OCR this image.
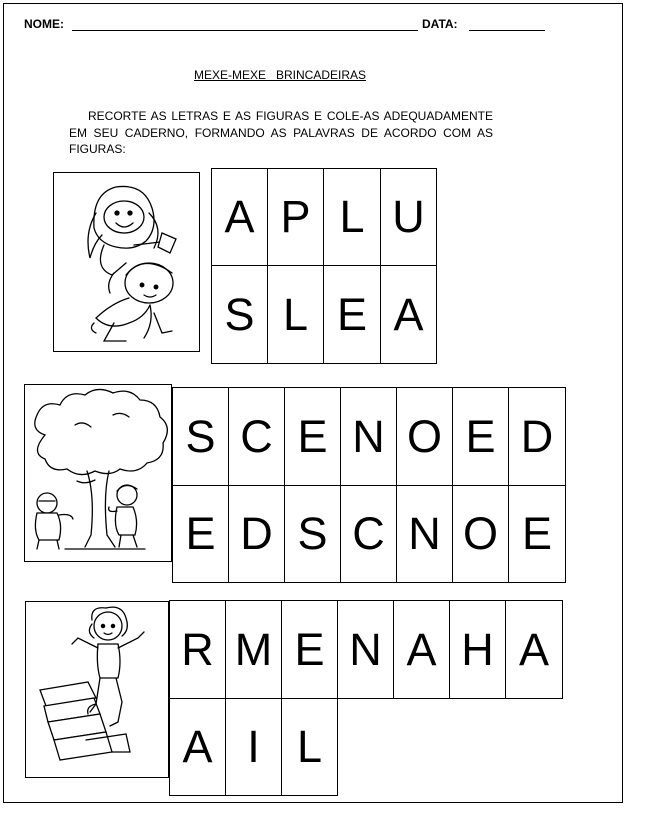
NOME:	DATA:
MEXE-MEXE   BRINCADEIRAS
RECORTE AS LETRAS E AS FIGURAS E COLE-AS ADEQUADAMENTE EM SEU CADERNO, FORMANDO AS PALAVRAS DE ACORDO COM AS FIGURAS:
A P L U
S L E A
S C E N O E D
E D S C N O E
R M E N A H A
A I L
